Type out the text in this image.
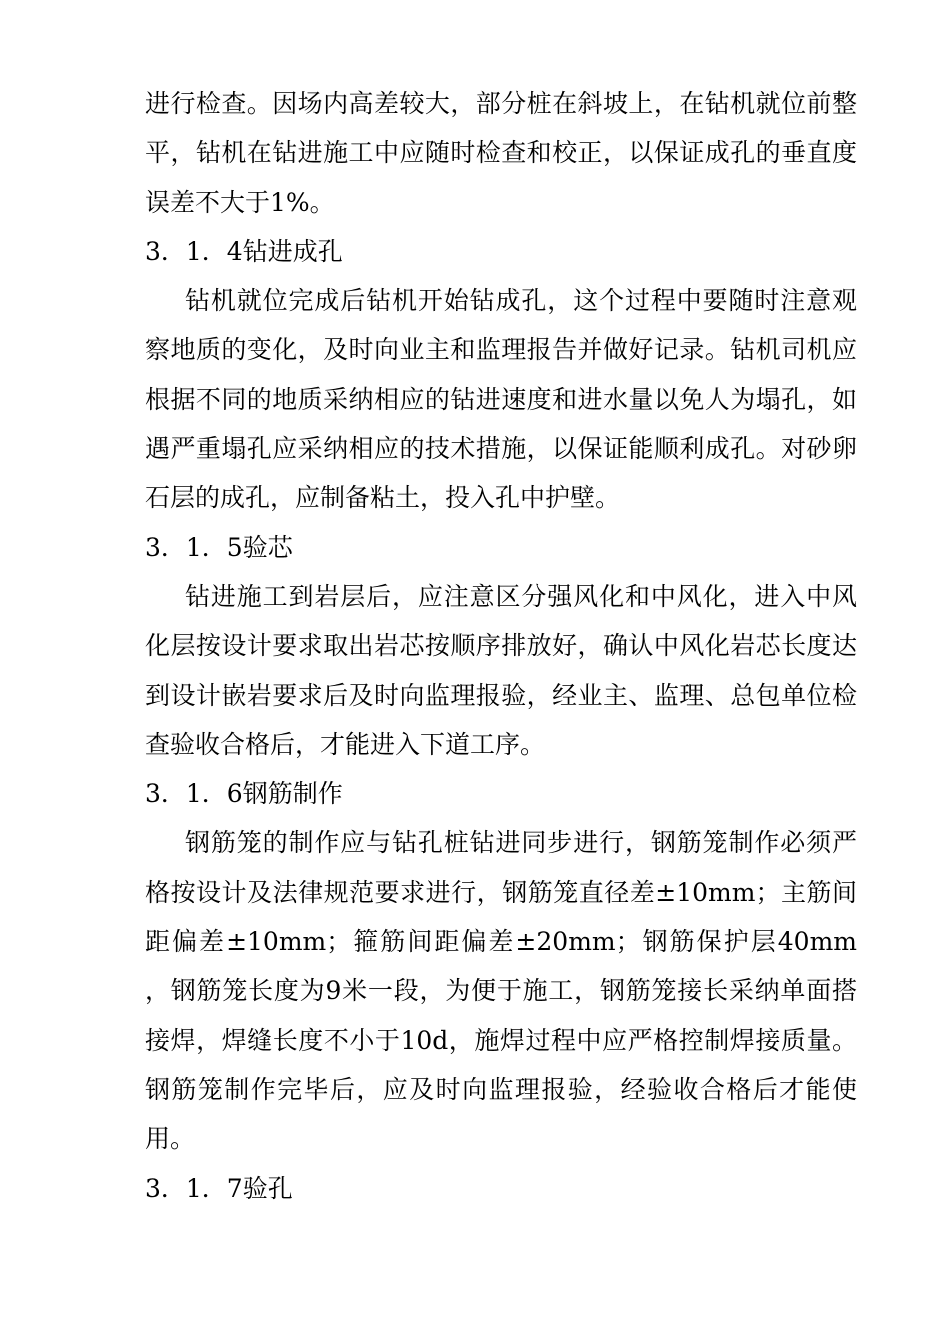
进行检查。因场内高差较大，部分桩在斜坡上，在钻机就位前整平，钻机在钻进施工中应随时检查和校正，以保证成孔的垂直度误差不大于1%。

3．1．4钻进成孔

钻机就位完成后钻机开始钻成孔，这个过程中要随时注意观察地质的变化，及时向业主和监理报告并做好记录。钻机司机应根据不同的地质采纳相应的钻进速度和进水量以免人为塌孔，如遇严重塌孔应采纳相应的技术措施，以保证能顺利成孔。对砂卵石层的成孔，应制备粘土，投入孔中护壁。

3．1．5验芯

钻进施工到岩层后，应注意区分强风化和中风化，进入中风化层按设计要求取出岩芯按顺序排放好，确认中风化岩芯长度达到设计嵌岩要求后及时向监理报验，经业主、监理、总包单位检查验收合格后，才能进入下道工序。

3．1．6钢筋制作

钢筋笼的制作应与钻孔桩钻进同步进行，钢筋笼制作必须严格按设计及法律规范要求进行，钢筋笼直径差±10mm；主筋间距偏差±10mm；箍筋间距偏差±20mm；钢筋保护层40mm ，钢筋笼长度为9米一段，为便于施工，钢筋笼接长采纳单面搭接焊，焊缝长度不小于10d，施焊过程中应严格控制焊接质量。钢筋笼制作完毕后，应及时向监理报验，经验收合格后才能使用。

3．1．7验孔
